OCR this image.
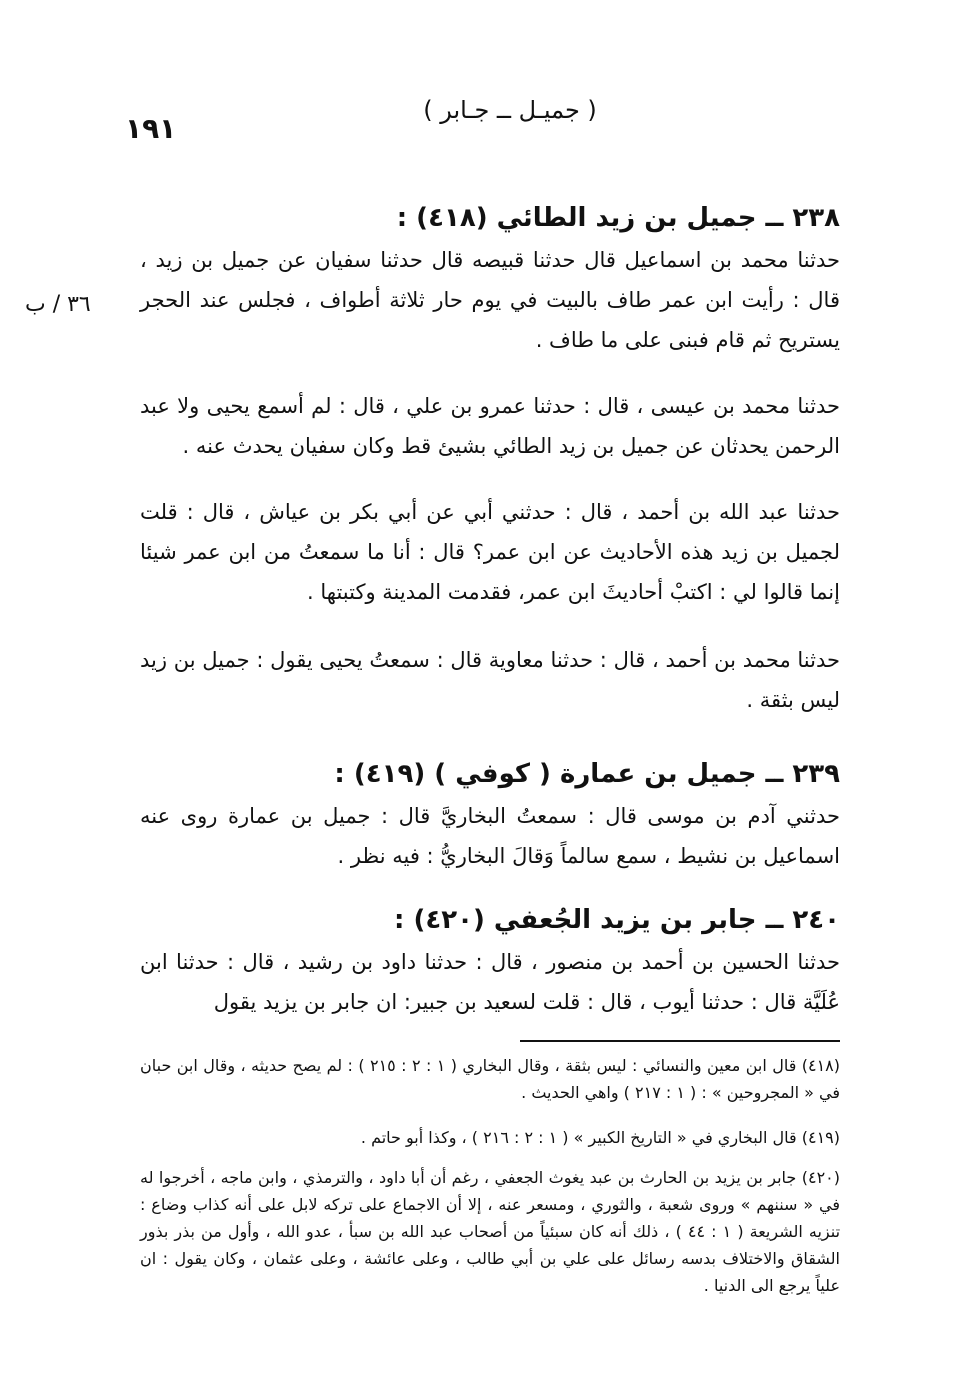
١٩١
( جميـل ــ جـابر )
٣٦ / ب
٢٣٨ ــ جميل بن زيد الطائي (٤١٨) :

حدثنا محمد بن اسماعيل قال حدثنا قبيصه قال حدثنا سفيان عن جميل بن زيد ، قال : رأيت ابن عمر طاف بالبيت في يوم حار ثلاثة أطواف ، فجلس عند الحجر يستريح ثم قام فبنى على ما طاف .

حدثنا محمد بن عيسى ، قال : حدثنا عمرو بن علي ، قال : لم أسمع يحيى ولا عبد الرحمن يحدثان عن جميل بن زيد الطائي بشيئ قط وكان سفيان يحدث عنه .

حدثنا عبد الله بن أحمد ، قال : حدثني أبي عن أبي بكر بن عياش ، قال : قلت لجميل بن زيد هذه الأحاديث عن ابن عمر؟ قال : أنا ما سمعتُ من ابن عمر شيئا إنما قالوا لي : اكتبْ أحاديثَ ابن عمر، فقدمت المدينة وكتبتها .

حدثنا محمد بن أحمد ، قال : حدثنا معاوية قال : سمعتُ يحيى يقول : جميل بن زيد ليس بثقة .

٢٣٩ ــ جميل بن عمارة ( كوفي ) (٤١٩) :

حدثني آدم بن موسى قال : سمعتُ البخاريَّ قال : جميل بن عمارة روى عنه اسماعيل بن نشيط ، سمع سالماً وَقالَ البخاريُّ : فيه نظر .

٢٤٠ ــ جابر بن يزيد الجُعفي (٤٢٠) :

حدثنا الحسين بن أحمد بن منصور ، قال : حدثنا داود بن رشيد ، قال : حدثنا ابن عُلَيَّة قال : حدثنا أيوب ، قال : قلت لسعيد بن جبير: ان جابر بن يزيد يقول

(٤١٨) قال ابن معين والنسائي : ليس بثقة ، وقال البخاري ( ١ : ٢ : ٢١٥ ) : لم يصح حديثه ، وقال ابن حبان في « المجروحين » : ( ١ : ٢١٧ ) واهي الحديث .

(٤١٩) قال البخاري في « التاريخ الكبير » ( ١ : ٢ : ٢١٦ ) ، وكذا أبو حاتم .

(٤٢٠) جابر بن يزيد بن الحارث بن عبد يغوث الجعفي ، رغم أن أبا داود ، والترمذي ، وابن ماجه ، أخرجوا له في « سننهم » وروى شعبة ، والثوري ، ومسعر عنه ، إلا أن الاجماع على تركه لابل على أنه كذاب وضاع : تنزيه الشريعة ( ١ : ٤٤ ) ، ذلك أنه كان سبئياً من أصحاب عبد الله بن سبأ ، عدو الله ، وأول من بذر بذور الشقاق والاختلاف بدسه رسائل على علي بن أبي طالب ، وعلى عائشة ، وعلى عثمان ، وكان يقول : ان علياً يرجع الى الدنيا .
